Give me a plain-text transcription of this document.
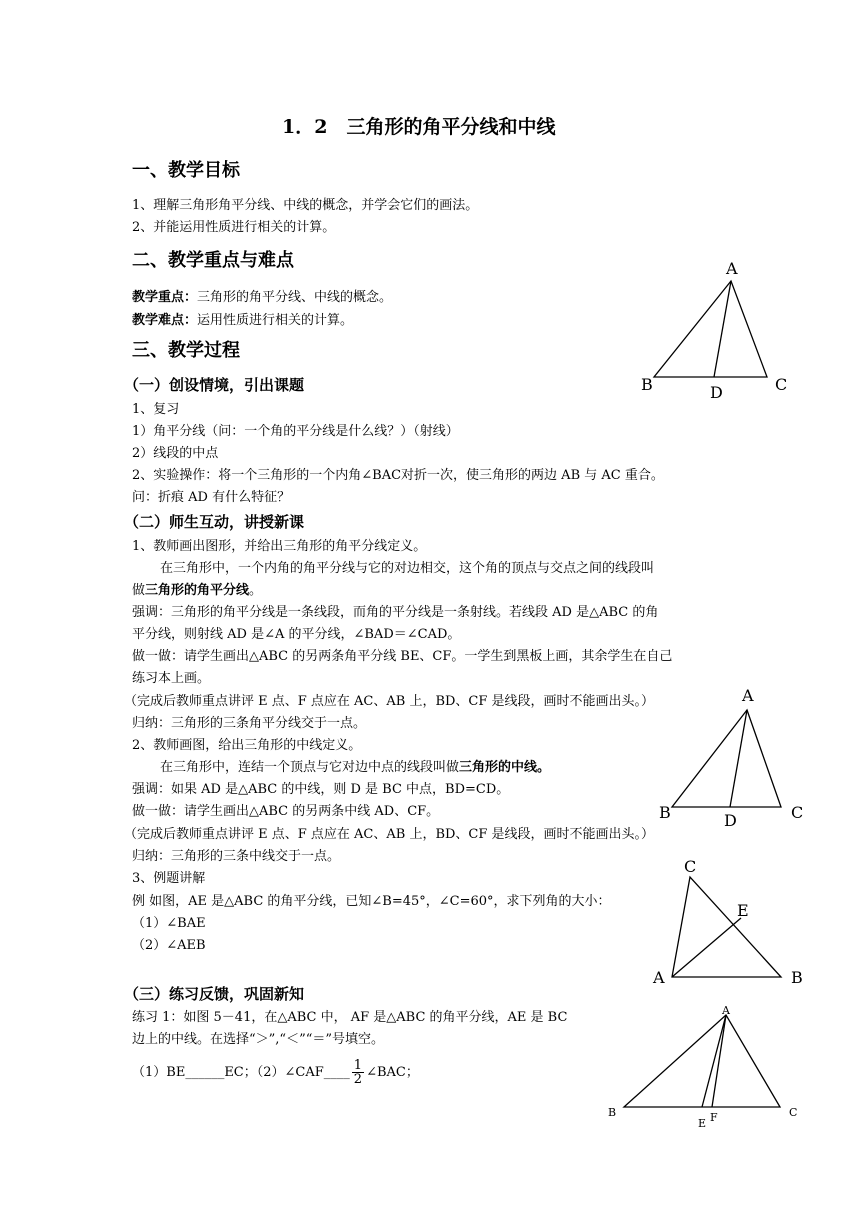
1．2　三角形的角平分线和中线
一、教学目标
1、理解三角形角平分线、中线的概念，并学会它们的画法。
2、并能运用性质进行相关的计算。
二、教学重点与难点
教学重点：三角形的角平分线、中线的概念。
教学难点：运用性质进行相关的计算。
三、教学过程
（一）创设情境，引出课题
1、复习
1）角平分线（问：一个角的平分线是什么线？）（射线）
2）线段的中点
2、实验操作：将一个三角形的一个内角∠BAC对折一次，使三角形的两边 AB 与 AC 重合。
问：折痕 AD 有什么特征？
（二）师生互动，讲授新课
1、教师画出图形，并给出三角形的角平分线定义。
在三角形中，一个内角的角平分线与它的对边相交，这个角的顶点与交点之间的线段叫
做三角形的角平分线。
强调：三角形的角平分线是一条线段，而角的平分线是一条射线。若线段 AD 是△ABC 的角
平分线，则射线 AD 是∠A 的平分线，∠BAD＝∠CAD。
做一做：请学生画出△ABC 的另两条角平分线 BE、CF。一学生到黑板上画，其余学生在自己
练习本上画。
（完成后教师重点讲评 E 点、F 点应在 AC、AB 上，BD、CF 是线段，画时不能画出头。）
归纳：三角形的三条角平分线交于一点。
2、教师画图，给出三角形的中线定义。
在三角形中，连结一个顶点与它对边中点的线段叫做三角形的中线。
强调：如果 AD 是△ABC 的中线，则 D 是 BC 中点，BD=CD。
做一做：请学生画出△ABC 的另两条中线 AD、CF。
（完成后教师重点讲评 E 点、F 点应在 AC、AB 上，BD、CF 是线段，画时不能画出头。）
归纳：三角形的三条中线交于一点。
3、例题讲解
例 如图，AE 是△ABC 的角平分线，已知∠B=45°，∠C=60°，求下列角的大小：
（1）∠BAE
（2）∠AEB
（三）练习反馈，巩固新知
练习 1：如图 5－41，在△ABC 中， AF 是△ABC 的角平分线，AE 是 BC
边上的中线。在选择“＞”,“＜”“＝”号填空。
（1）BE______EC；（2）∠CAF____ $\frac{1}{2}$ ∠BAC；
A
B	C
D
A
B	C
D
C
E
A	B
A
B	C
E F
